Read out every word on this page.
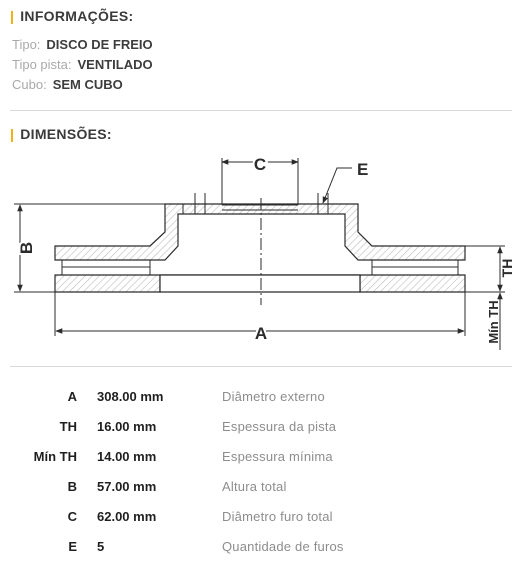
| INFORMAÇÕES:
Tipo: DISCO DE FREIO
Tipo pista: VENTILADO
Cubo: SEM CUBO
| DIMENSÕES:
C	E
B
A
TH
Mín TH
A 308.00 mm	Diâmetro externo
TH 16.00 mm	Espessura da pista
Mín TH 14.00 mm	Espessura mínima
B 57.00 mm	Altura total
C 62.00 mm	Diâmetro furo total
E 5	Quantidade de furos
